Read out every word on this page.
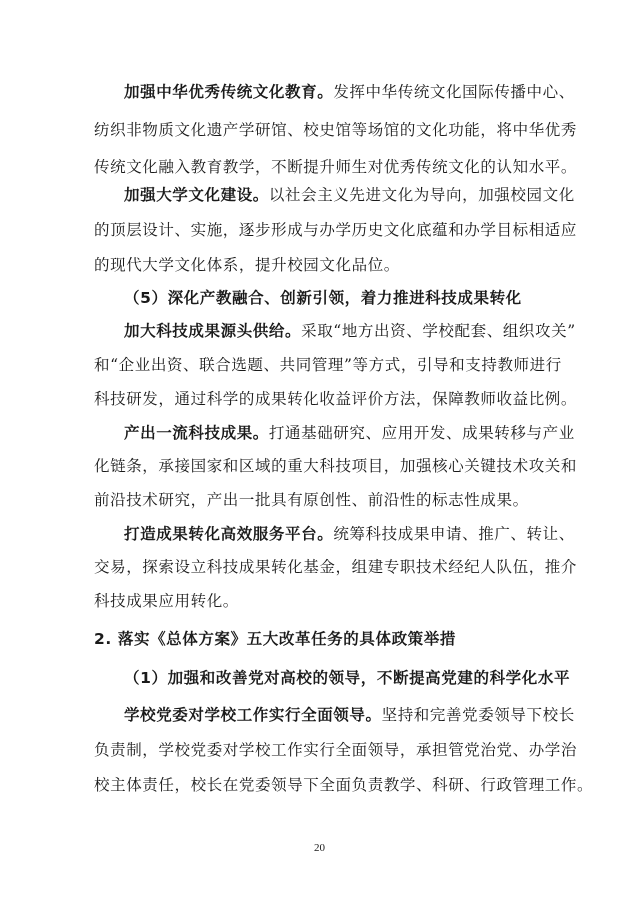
加强中华优秀传统文化教育。发挥中华传统文化国际传播中心、
纺织非物质文化遗产学研馆、校史馆等场馆的文化功能，将中华优秀
传统文化融入教育教学，不断提升师生对优秀传统文化的认知水平。
加强大学文化建设。以社会主义先进文化为导向，加强校园文化
的顶层设计、实施，逐步形成与办学历史文化底蕴和办学目标相适应
的现代大学文化体系，提升校园文化品位。
（5）深化产教融合、创新引领，着力推进科技成果转化
加大科技成果源头供给。采取“地方出资、学校配套、组织攻关”
和“企业出资、联合选题、共同管理”等方式，引导和支持教师进行
科技研发，通过科学的成果转化收益评价方法，保障教师收益比例。
产出一流科技成果。打通基础研究、应用开发、成果转移与产业
化链条，承接国家和区域的重大科技项目，加强核心关键技术攻关和
前沿技术研究，产出一批具有原创性、前沿性的标志性成果。
打造成果转化高效服务平台。统筹科技成果申请、推广、转让、
交易，探索设立科技成果转化基金，组建专职技术经纪人队伍，推介
科技成果应用转化。
2. 落实《总体方案》五大改革任务的具体政策举措
（1）加强和改善党对高校的领导，不断提高党建的科学化水平
学校党委对学校工作实行全面领导。坚持和完善党委领导下校长
负责制，学校党委对学校工作实行全面领导，承担管党治党、办学治
校主体责任，校长在党委领导下全面负责教学、科研、行政管理工作。
20
